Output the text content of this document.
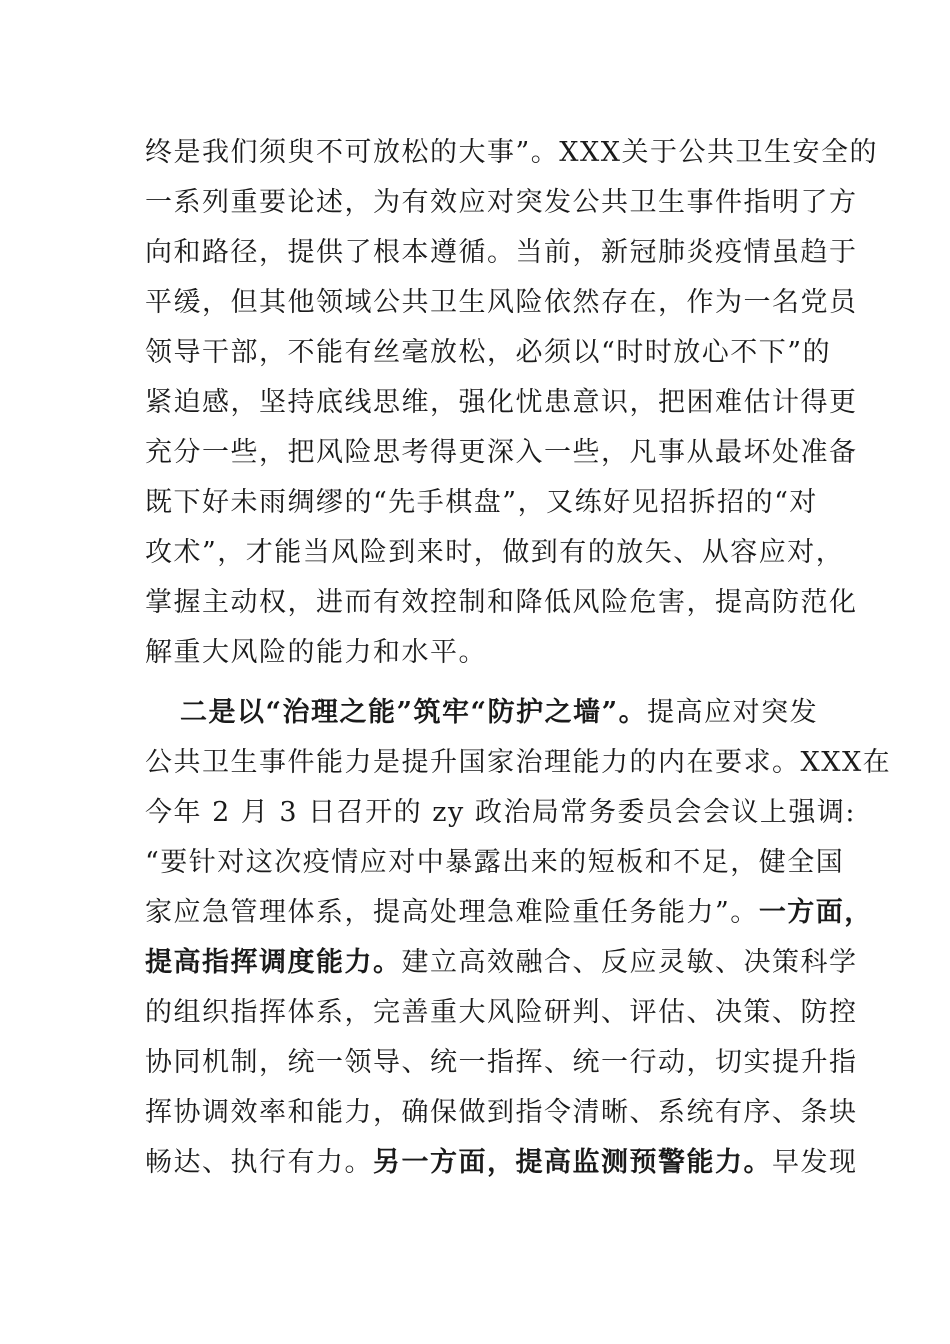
终是我们须臾不可放松的大事”。XXX关于公共卫生安全的
一系列重要论述，为有效应对突发公共卫生事件指明了方
向和路径，提供了根本遵循。当前，新冠肺炎疫情虽趋于
平缓，但其他领域公共卫生风险依然存在，作为一名党员
领导干部，不能有丝毫放松，必须以“时时放心不下”的
紧迫感，坚持底线思维，强化忧患意识，把困难估计得更
充分一些，把风险思考得更深入一些，凡事从最坏处准备
既下好未雨绸缪的“先手棋盘”，又练好见招拆招的“对
攻术”，才能当风险到来时，做到有的放矢、从容应对，
掌握主动权，进而有效控制和降低风险危害，提高防范化
解重大风险的能力和水平。
二是以“治理之能”筑牢“防护之墙”。提高应对突发
公共卫生事件能力是提升国家治理能力的内在要求。XXX在
今年 2 月 3 日召开的 zy 政治局常务委员会会议上强调:
“要针对这次疫情应对中暴露出来的短板和不足，健全国
家应急管理体系，提高处理急难险重任务能力”。一方面，
提高指挥调度能力。建立高效融合、反应灵敏、决策科学
的组织指挥体系，完善重大风险研判、评估、决策、防控
协同机制，统一领导、统一指挥、统一行动，切实提升指
挥协调效率和能力，确保做到指令清晰、系统有序、条块
畅达、执行有力。另一方面，提高监测预警能力。早发现
